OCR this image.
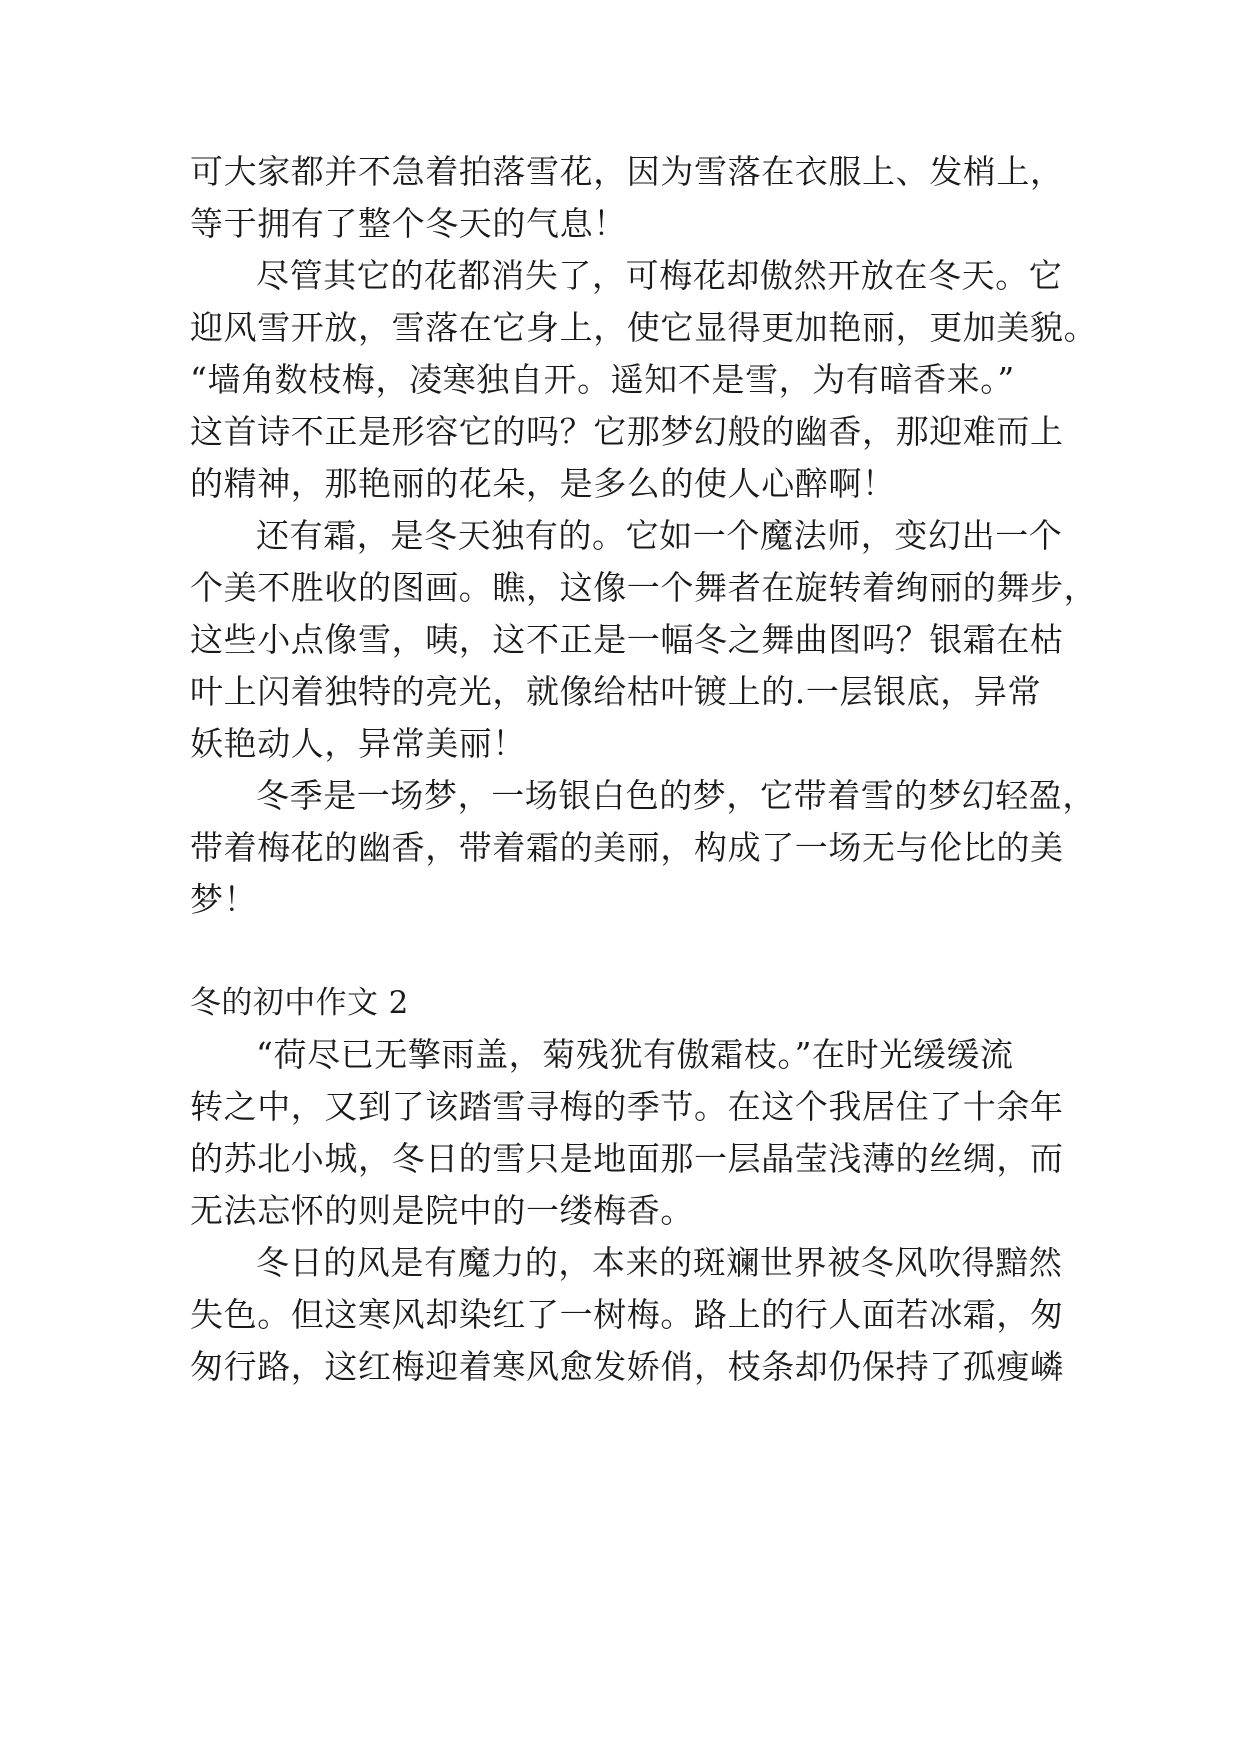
可大家都并不急着拍落雪花，因为雪落在衣服上、发梢上，
等于拥有了整个冬天的气息！
尽管其它的花都消失了，可梅花却傲然开放在冬天。它
迎风雪开放，雪落在它身上，使它显得更加艳丽，更加美貌。
“墙角数枝梅，凌寒独自开。遥知不是雪，为有暗香来。”
这首诗不正是形容它的吗？它那梦幻般的幽香，那迎难而上
的精神，那艳丽的花朵，是多么的使人心醉啊！
还有霜，是冬天独有的。它如一个魔法师，变幻出一个
个美不胜收的图画。瞧，这像一个舞者在旋转着绚丽的舞步，
这些小点像雪，咦，这不正是一幅冬之舞曲图吗？银霜在枯
叶上闪着独特的亮光，就像给枯叶镀上的.一层银底，异常
妖艳动人，异常美丽！
冬季是一场梦，一场银白色的梦，它带着雪的梦幻轻盈，
带着梅花的幽香，带着霜的美丽，构成了一场无与伦比的美
梦！
冬的初中作文 2
“荷尽已无擎雨盖，菊残犹有傲霜枝。”在时光缓缓流
转之中，又到了该踏雪寻梅的季节。在这个我居住了十余年
的苏北小城，冬日的雪只是地面那一层晶莹浅薄的丝绸，而
无法忘怀的则是院中的一缕梅香。
冬日的风是有魔力的，本来的斑斓世界被冬风吹得黯然
失色。但这寒风却染红了一树梅。路上的行人面若冰霜，匆
匆行路，这红梅迎着寒风愈发娇俏，枝条却仍保持了孤瘦嶙
